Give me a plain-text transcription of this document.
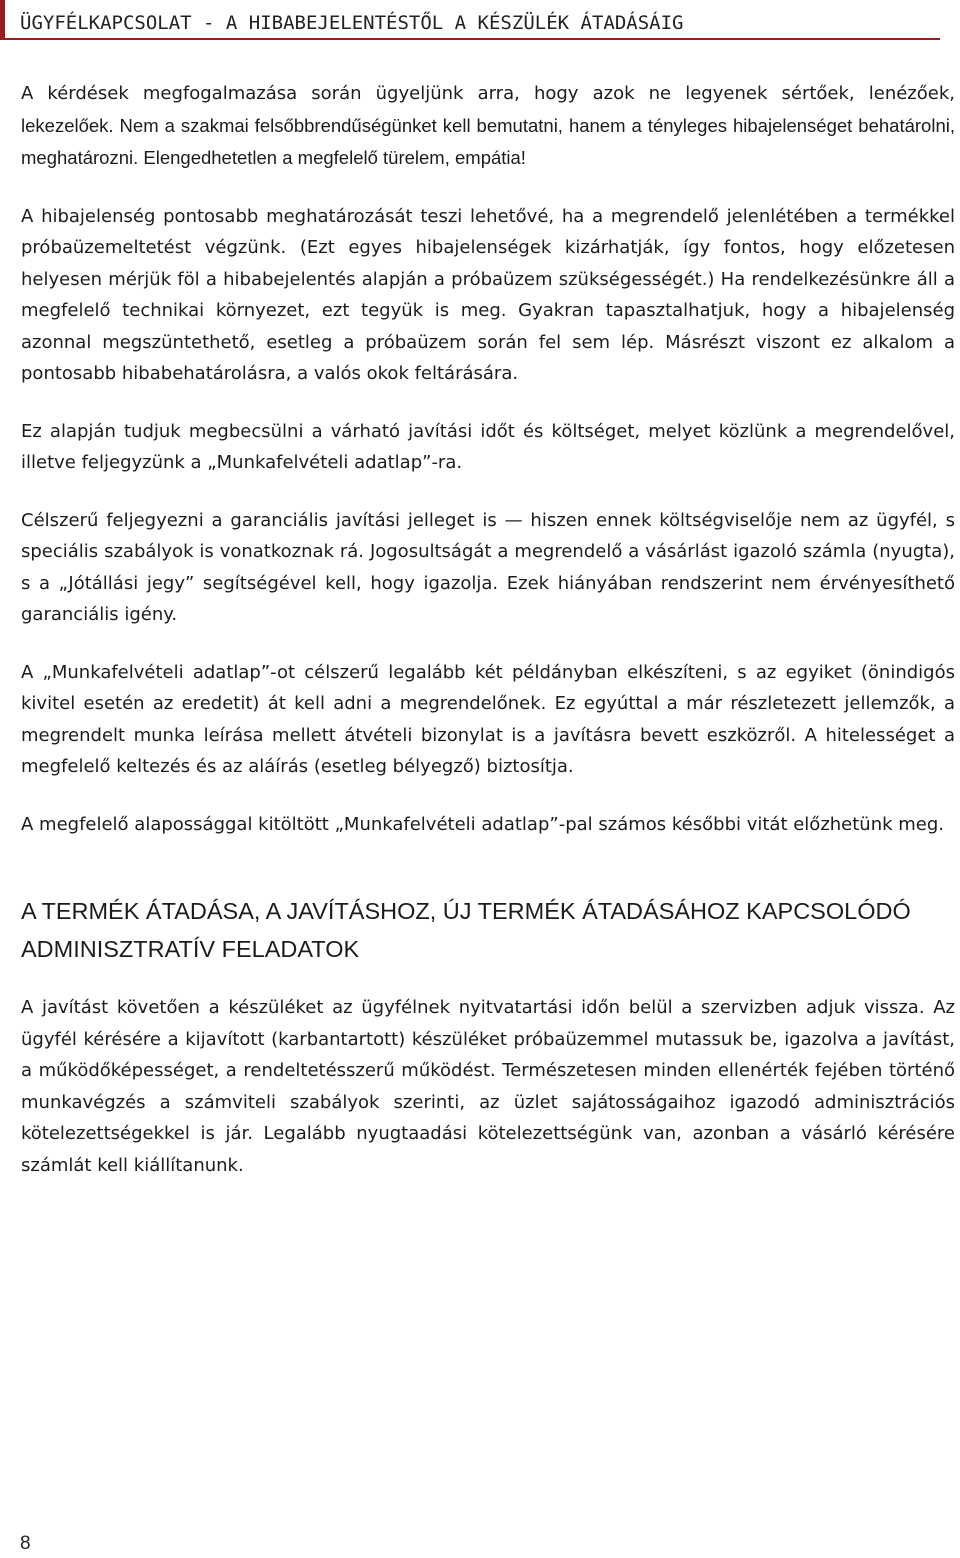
ÜGYFÉLKAPCSOLAT - A HIBABEJELENTÉSTŐL A KÉSZÜLÉK ÁTADÁSÁIG

A kérdések megfogalmazása során ügyeljünk arra, hogy azok ne legyenek sértőek, lenézőek, lekezelőek. Nem a szakmai felsőbbrendűségünket kell bemutatni, hanem a tényleges hibajelenséget behatárolni, meghatározni. Elengedhetetlen a megfelelő türelem, empátia!

A hibajelenség pontosabb meghatározását teszi lehetővé, ha a megrendelő jelenlétében a termékkel próbaüzemeltetést végzünk. (Ezt egyes hibajelenségek kizárhatják, így fontos, hogy előzetesen helyesen mérjük föl a hibabejelentés alapján a próbaüzem szükségességét.) Ha rendelkezésünkre áll a megfelelő technikai környezet, ezt tegyük is meg. Gyakran tapasztalhatjuk, hogy a hibajelenség azonnal megszüntethető, esetleg a próbaüzem során fel sem lép. Másrészt viszont ez alkalom a pontosabb hibabehatárolásra, a valós okok feltárására.

Ez alapján tudjuk megbecsülni a várható javítási időt és költséget, melyet közlünk a megrendelővel, illetve feljegyzünk a „Munkafelvételi adatlap”-ra.

Célszerű feljegyezni a garanciális javítási jelleget is — hiszen ennek költségviselője nem az ügyfél, s speciális szabályok is vonatkoznak rá. Jogosultságát a megrendelő a vásárlást igazoló számla (nyugta), s a „Jótállási jegy” segítségével kell, hogy igazolja. Ezek hiányában rendszerint nem érvényesíthető garanciális igény.

A „Munkafelvételi adatlap”-ot célszerű legalább két példányban elkészíteni, s az egyiket (önindigós kivitel esetén az eredetit) át kell adni a megrendelőnek. Ez egyúttal a már részletezett jellemzők, a megrendelt munka leírása mellett átvételi bizonylat is a javításra bevett eszközről. A hitelességet a megfelelő keltezés és az aláírás (esetleg bélyegző) biztosítja.

A megfelelő alapossággal kitöltött „Munkafelvételi adatlap”-pal számos későbbi vitát előzhetünk meg.

A TERMÉK ÁTADÁSA, A JAVÍTÁSHOZ, ÚJ TERMÉK ÁTADÁSÁHOZ KAPCSOLÓDÓ ADMINISZTRATÍV FELADATOK

A javítást követően a készüléket az ügyfélnek nyitvatartási időn belül a szervizben adjuk vissza. Az ügyfél kérésére a kijavított (karbantartott) készüléket próbaüzemmel mutassuk be, igazolva a javítást, a működőképességet, a rendeltetésszerű működést. Természetesen minden ellenérték fejében történő munkavégzés a számviteli szabályok szerinti, az üzlet sajátosságaihoz igazodó adminisztrációs kötelezettségekkel is jár. Legalább nyugtaadási kötelezettségünk van, azonban a vásárló kérésére számlát kell kiállítanunk.

8
